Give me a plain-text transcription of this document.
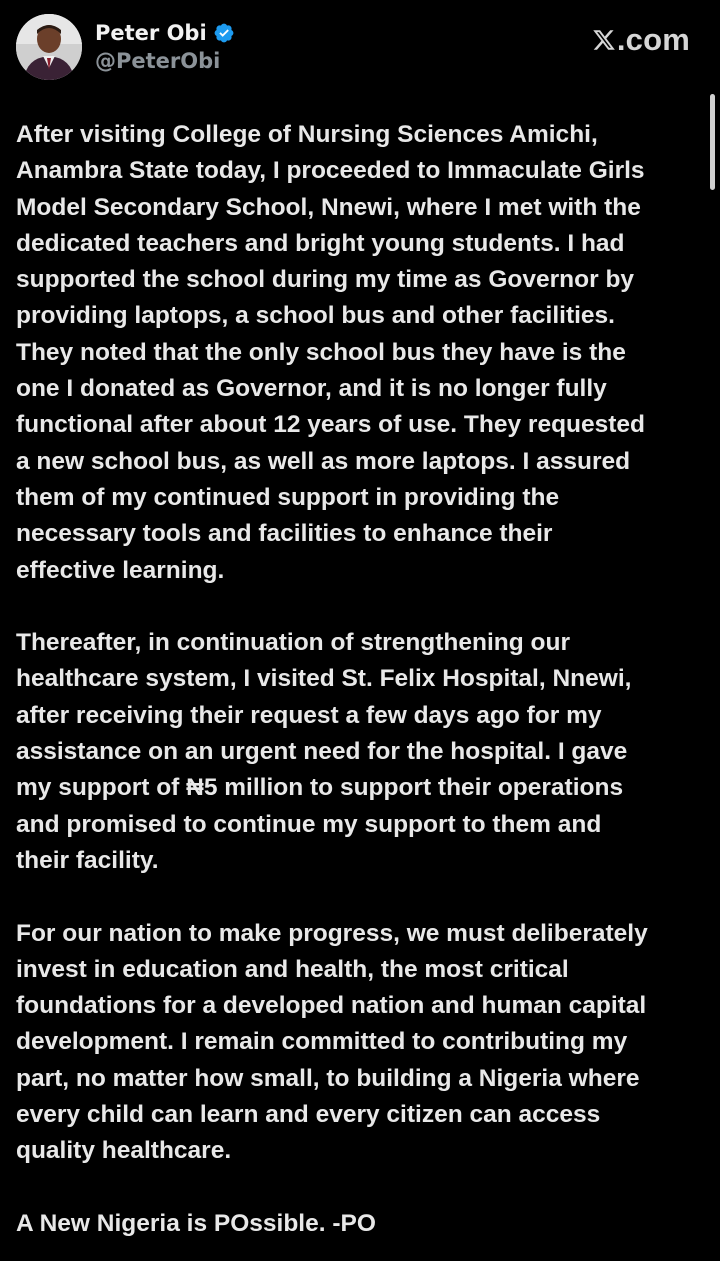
Peter Obi
@PeterObi
.com

After visiting College of Nursing Sciences Amichi,
Anambra State today, I proceeded to Immaculate Girls
Model Secondary School, Nnewi, where I met with the
dedicated teachers and bright young students. I had
supported the school during my time as Governor by
providing laptops, a school bus and other facilities.
They noted that the only school bus they have is the
one I donated as Governor, and it is no longer fully
functional after about 12 years of use. They requested
a new school bus, as well as more laptops. I assured
them of my continued support in providing the
necessary tools and facilities to enhance their
effective learning.

Thereafter, in continuation of strengthening our
healthcare system, I visited St. Felix Hospital, Nnewi,
after receiving their request a few days ago for my
assistance on an urgent need for the hospital. I gave
my support of ₦5 million to support their operations
and promised to continue my support to them and
their facility.

For our nation to make progress, we must deliberately
invest in education and health, the most critical
foundations for a developed nation and human capital
development. I remain committed to contributing my
part, no matter how small, to building a Nigeria where
every child can learn and every citizen can access
quality healthcare.

A New Nigeria is POssible. -PO
